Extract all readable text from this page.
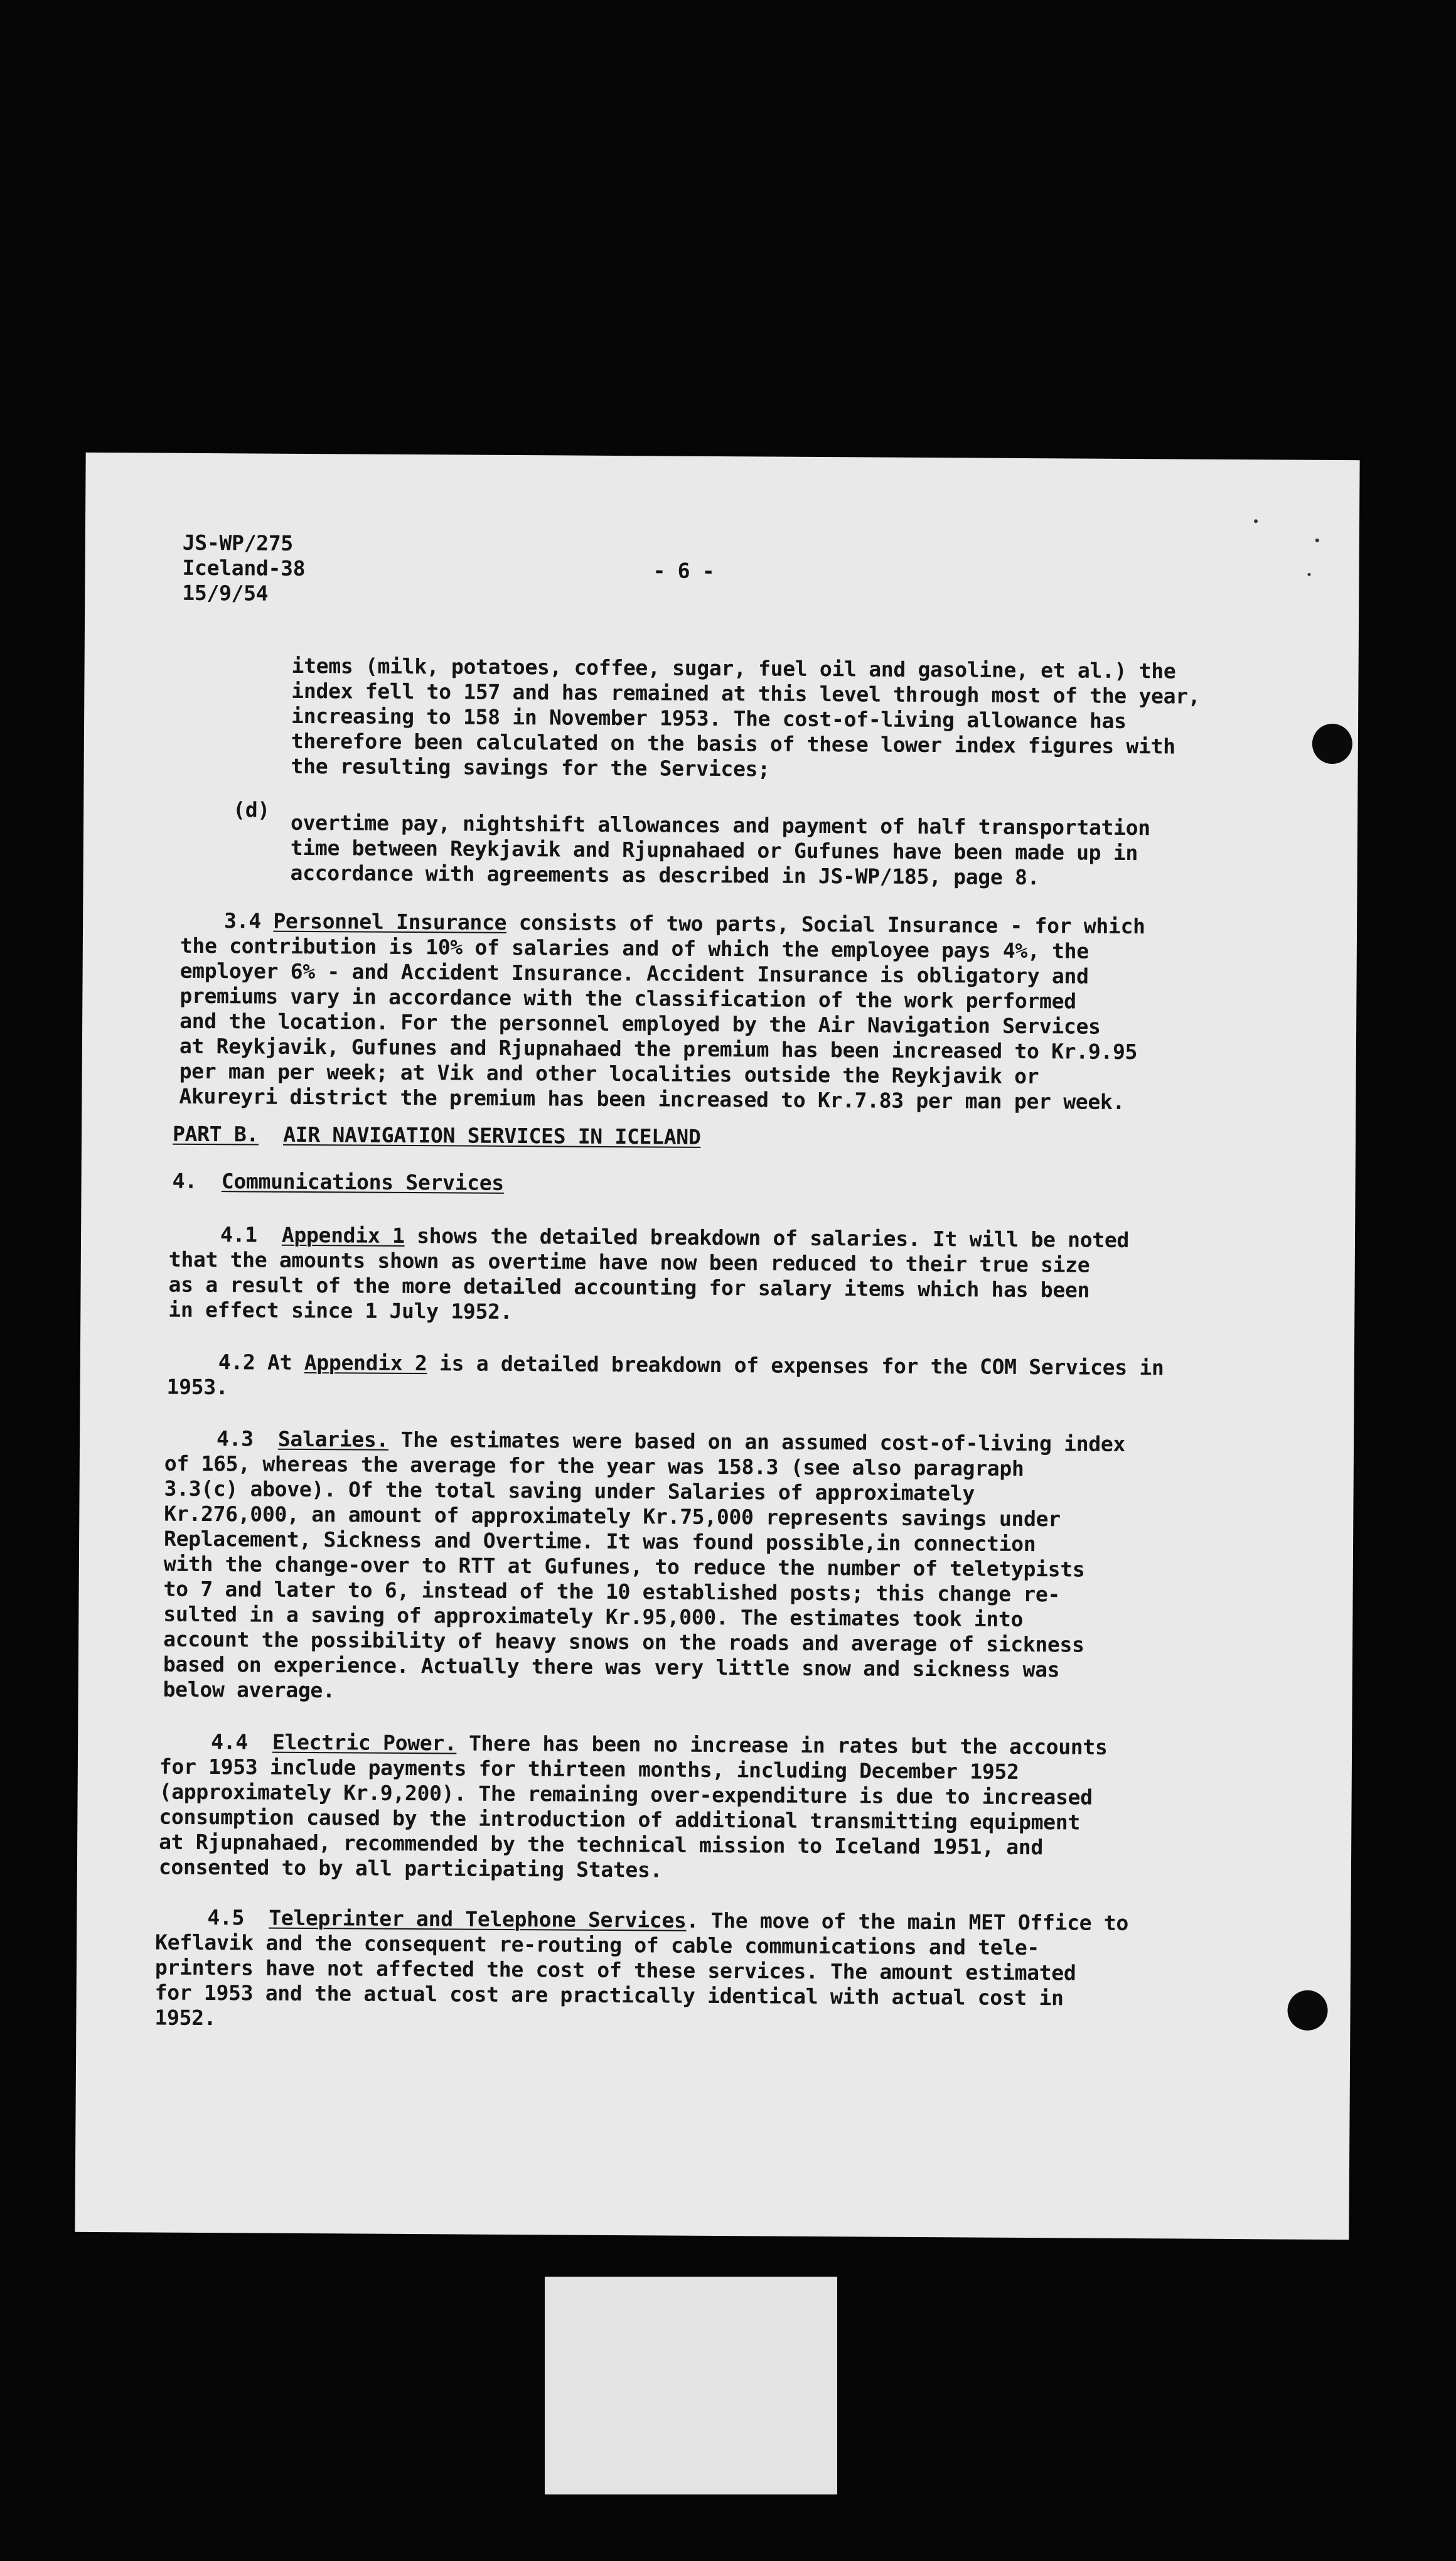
JS-WP/275
Iceland-38
15/9/54
- 6 -
items (milk, potatoes, coffee, sugar, fuel oil and gasoline, et al.) the
index fell to 157 and has remained at this level through most of the year,
increasing to 158 in November 1953. The cost-of-living allowance has
therefore been calculated on the basis of these lower index figures with
the resulting savings for the Services;
(d)
overtime pay, nightshift allowances and payment of half transportation
time between Reykjavik and Rjupnahaed or Gufunes have been made up in
accordance with agreements as described in JS-WP/185, page 8.
3.4 Personnel Insurance consists of two parts, Social Insurance - for which
the contribution is 10% of salaries and of which the employee pays 4%, the
employer 6% - and Accident Insurance. Accident Insurance is obligatory and
premiums vary in accordance with the classification of the work performed
and the location. For the personnel employed by the Air Navigation Services
at Reykjavik, Gufunes and Rjupnahaed the premium has been increased to Kr.9.95
per man per week; at Vik and other localities outside the Reykjavik or
Akureyri district the premium has been increased to Kr.7.83 per man per week.
PART B. AIR NAVIGATION SERVICES IN ICELAND
4. Communications Services
4.1 Appendix 1 shows the detailed breakdown of salaries. It will be noted
that the amounts shown as overtime have now been reduced to their true size
as a result of the more detailed accounting for salary items which has been
in effect since 1 July 1952.
4.2 At Appendix 2 is a detailed breakdown of expenses for the COM Services in
1953.
4.3 Salaries. The estimates were based on an assumed cost-of-living index
of 165, whereas the average for the year was 158.3 (see also paragraph
3.3(c) above). Of the total saving under Salaries of approximately
Kr.276,000, an amount of approximately Kr.75,000 represents savings under
Replacement, Sickness and Overtime. It was found possible,in connection
with the change-over to RTT at Gufunes, to reduce the number of teletypists
to 7 and later to 6, instead of the 10 established posts; this change re-
sulted in a saving of approximately Kr.95,000. The estimates took into
account the possibility of heavy snows on the roads and average of sickness
based on experience. Actually there was very little snow and sickness was
below average.
4.4 Electric Power. There has been no increase in rates but the accounts
for 1953 include payments for thirteen months, including December 1952
(approximately Kr.9,200). The remaining over-expenditure is due to increased
consumption caused by the introduction of additional transmitting equipment
at Rjupnahaed, recommended by the technical mission to Iceland 1951, and
consented to by all participating States.
4.5 Teleprinter and Telephone Services. The move of the main MET Office to
Keflavik and the consequent re-routing of cable communications and tele-
printers have not affected the cost of these services. The amount estimated
for 1953 and the actual cost are practically identical with actual cost in
1952.
